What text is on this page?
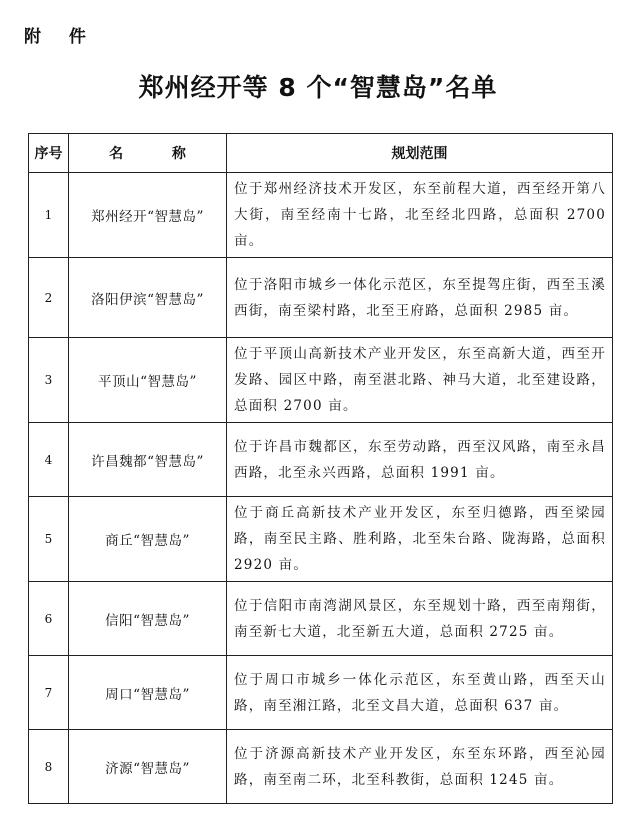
附 件
郑州经开等 8 个“智慧岛”名单
序号	名 称	规划范围
1	郑州经开“智慧岛”	位于郑州经济技术开发区，东至前程大道，西至经开第八大街，南至经南十七路，北至经北四路，总面积 2700 亩。
2	洛阳伊滨“智慧岛”	位于洛阳市城乡一体化示范区，东至提驾庄街，西至玉溪西街，南至梁村路，北至王府路，总面积 2985 亩。
3	平顶山“智慧岛”	位于平顶山高新技术产业开发区，东至高新大道，西至开发路、园区中路，南至湛北路、神马大道，北至建设路，总面积 2700 亩。
4	许昌魏都“智慧岛”	位于许昌市魏都区，东至劳动路，西至汉风路，南至永昌西路，北至永兴西路，总面积 1991 亩。
5	商丘“智慧岛”	位于商丘高新技术产业开发区，东至归德路，西至梁园路，南至民主路、胜利路，北至朱台路、陇海路，总面积 2920 亩。
6	信阳“智慧岛”	位于信阳市南湾湖风景区，东至规划十路，西至南翔街，南至新七大道，北至新五大道，总面积 2725 亩。
7	周口“智慧岛”	位于周口市城乡一体化示范区，东至黄山路，西至天山路，南至湘江路，北至文昌大道，总面积 637 亩。
8	济源“智慧岛”	位于济源高新技术产业开发区，东至东环路，西至沁园路，南至南二环，北至科教街，总面积 1245 亩。
